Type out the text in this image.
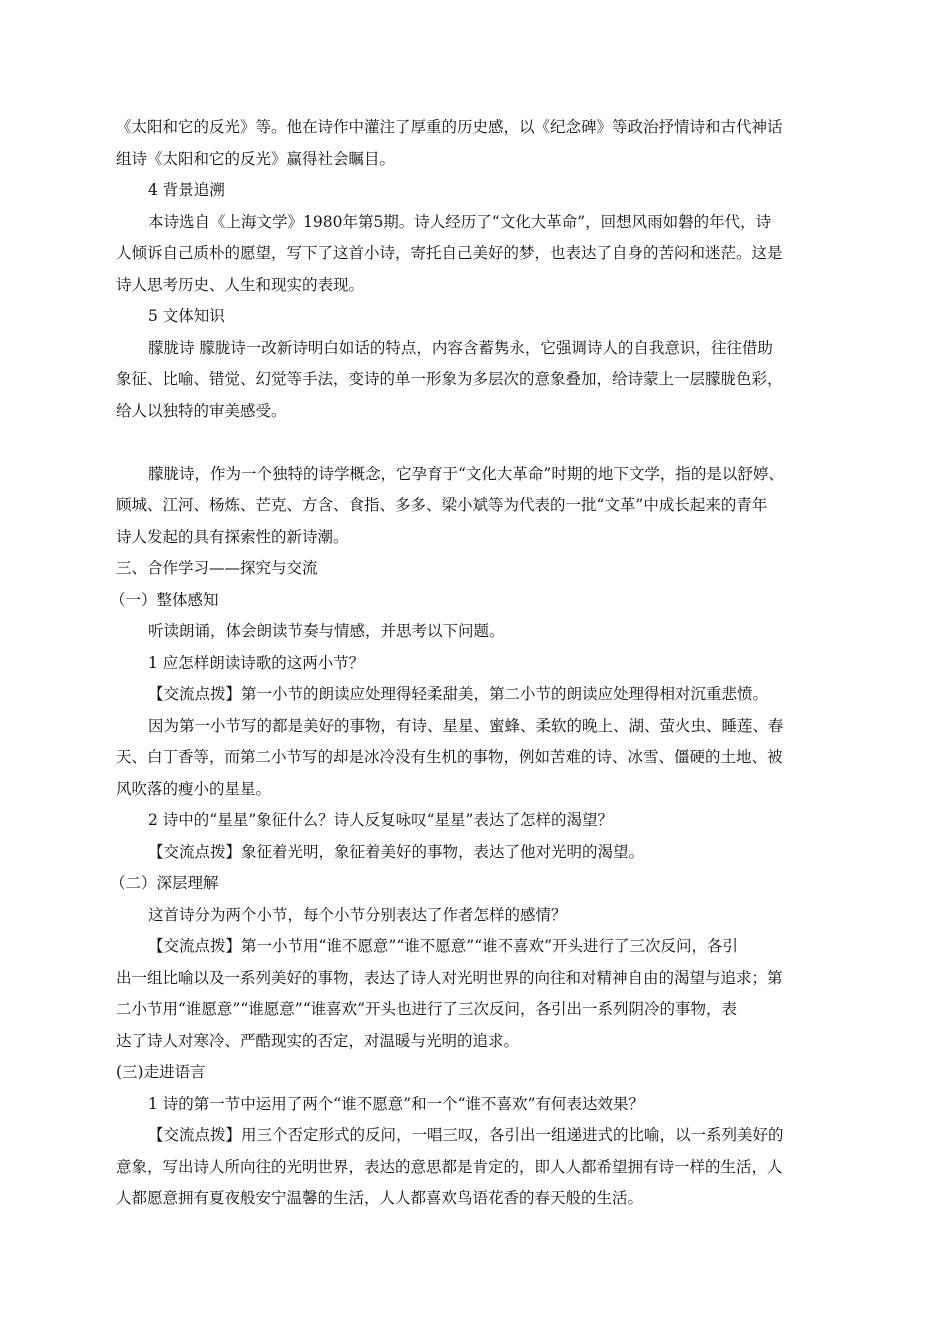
《太阳和它的反光》等。他在诗作中灌注了厚重的历史感，以《纪念碑》等政治抒情诗和古代神话
组诗《太阳和它的反光》赢得社会瞩目。
4 背景追溯
本诗选自《上海文学》1980年第5期。诗人经历了“文化大革命”，回想风雨如磐的年代，诗
人倾诉自己质朴的愿望，写下了这首小诗，寄托自己美好的梦，也表达了自身的苦闷和迷茫。这是
诗人思考历史、人生和现实的表现。
5 文体知识
朦胧诗 朦胧诗一改新诗明白如话的特点，内容含蓄隽永，它强调诗人的自我意识，往往借助
象征、比喻、错觉、幻觉等手法，变诗的单一形象为多层次的意象叠加，给诗蒙上一层朦胧色彩，
给人以独特的审美感受。
朦胧诗，作为一个独特的诗学概念，它孕育于“文化大革命”时期的地下文学，指的是以舒婷、
顾城、江河、杨炼、芒克、方含、食指、多多、梁小斌等为代表的一批“文革”中成长起来的青年
诗人发起的具有探索性的新诗潮。
三、合作学习——探究与交流
（一）整体感知
听读朗诵，体会朗读节奏与情感，并思考以下问题。
1 应怎样朗读诗歌的这两小节？
【交流点拨】第一小节的朗读应处理得轻柔甜美，第二小节的朗读应处理得相对沉重悲愤。
因为第一小节写的都是美好的事物，有诗、星星、蜜蜂、柔软的晚上、湖、萤火虫、睡莲、春
天、白丁香等，而第二小节写的却是冰冷没有生机的事物，例如苦难的诗、冰雪、僵硬的土地、被
风吹落的瘦小的星星。
2 诗中的“星星”象征什么？诗人反复咏叹“星星”表达了怎样的渴望？
【交流点拨】象征着光明，象征着美好的事物，表达了他对光明的渴望。
（二）深层理解
这首诗分为两个小节，每个小节分别表达了作者怎样的感情？
【交流点拨】第一小节用“谁不愿意”“谁不愿意”“谁不喜欢”开头进行了三次反问，各引
出一组比喻以及一系列美好的事物，表达了诗人对光明世界的向往和对精神自由的渴望与追求；第
二小节用“谁愿意”“谁愿意”“谁喜欢”开头也进行了三次反问，各引出一系列阴冷的事物，表
达了诗人对寒冷、严酷现实的否定，对温暖与光明的追求。
(三)走进语言
1 诗的第一节中运用了两个“谁不愿意”和一个“谁不喜欢”有何表达效果？
【交流点拨】用三个否定形式的反问，一唱三叹，各引出一组递进式的比喻，以一系列美好的
意象，写出诗人所向往的光明世界，表达的意思都是肯定的，即人人都希望拥有诗一样的生活，人
人都愿意拥有夏夜般安宁温馨的生活，人人都喜欢鸟语花香的春天般的生活。
